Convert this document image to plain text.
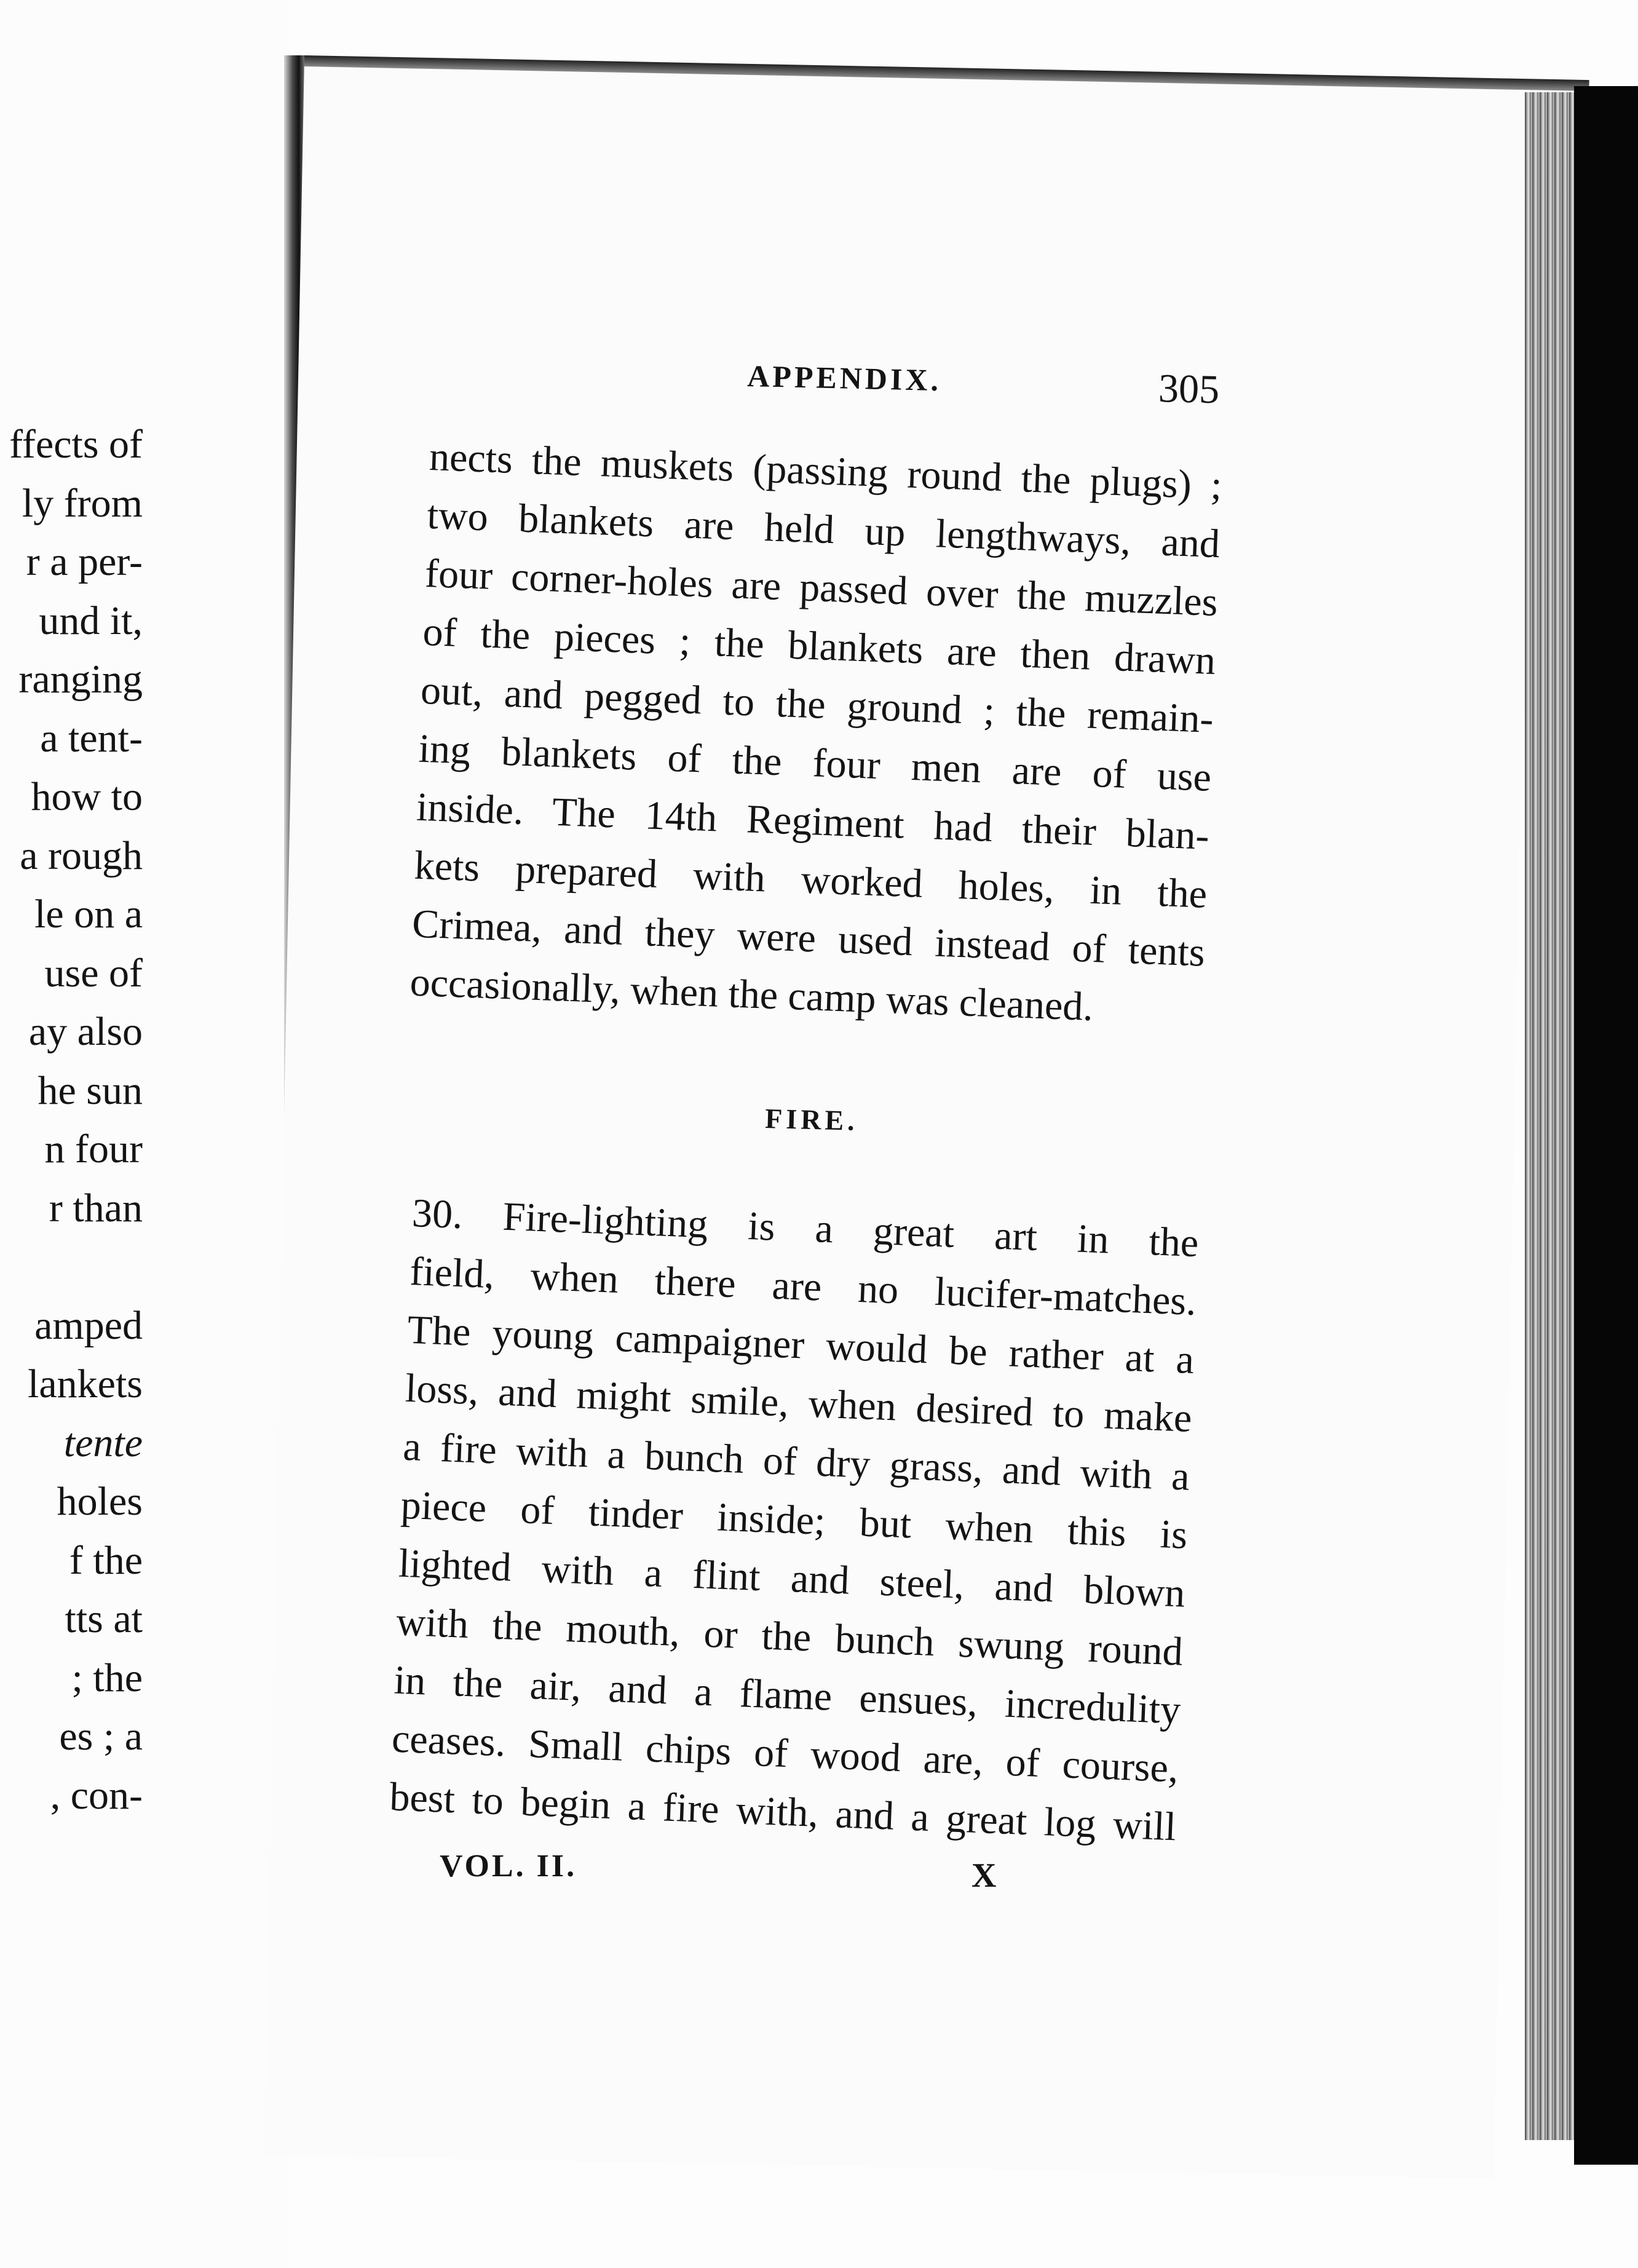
ffects of
ly from
r a per-
und it,
ranging
a tent-
how to
a rough
le on a
use of
ay also
he sun
n four
r than
amped
lankets
tente
holes
f the
tts at
; the
es ; a
, con-
APPENDIX.	305
nects the muskets (passing round the plugs) ;
two blankets are held up lengthways, and
four corner-holes are passed over the muzzles
of the pieces ; the blankets are then drawn
out, and pegged to the ground ; the remain-
ing blankets of the four men are of use
inside. The 14th Regiment had their blan-
kets prepared with worked holes, in the
Crimea, and they were used instead of tents
occasionally, when the camp was cleaned.
FIRE.
30. Fire-lighting is a great art in the
field, when there are no lucifer-matches.
The young campaigner would be rather at a
loss, and might smile, when desired to make
a fire with a bunch of dry grass, and with a
piece of tinder inside; but when this is
lighted with a flint and steel, and blown
with the mouth, or the bunch swung round
in the air, and a flame ensues, incredulity
ceases. Small chips of wood are, of course,
best to begin a fire with, and a great log will
VOL. II.	X
